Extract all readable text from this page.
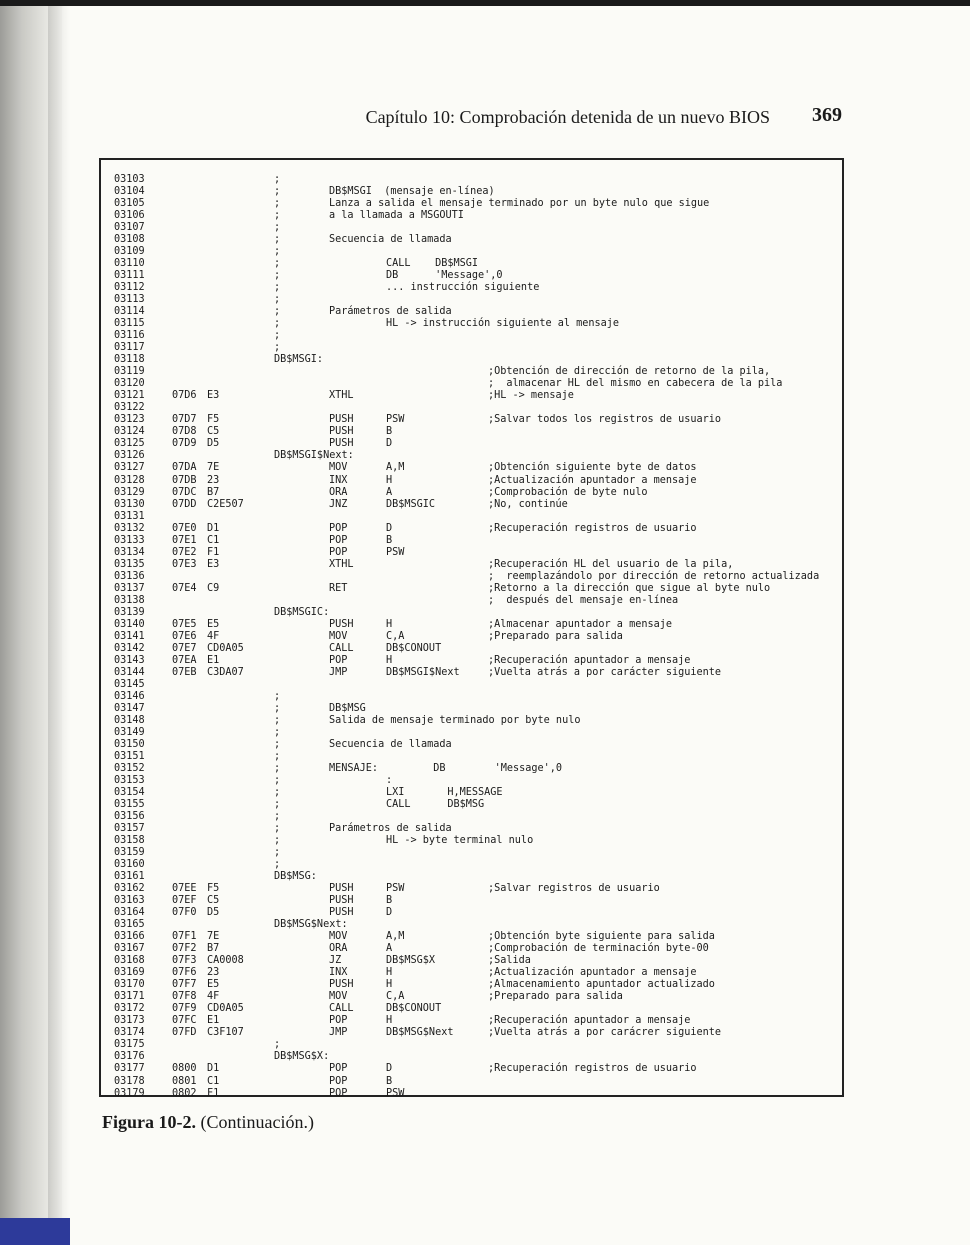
Capítulo 10: Comprobación detenida de un nuevo BIOS 369
03103	;
03104	;	DB$MSGI  (mensaje en-línea)
03105	;	Lanza a salida el mensaje terminado por un byte nulo que sigue
03106	;	a la llamada a MSGOUTI
03107	;
03108	;	Secuencia de llamada
03109	;
03110	;	CALL    DB$MSGI
03111	;	DB      'Message',0
03112	;	... instrucción siguiente
03113	;
03114	;	Parámetros de salida
03115	;	HL -> instrucción siguiente al mensaje
03116	;
03117	;
03118	DB$MSGI:
03119	;Obtención de dirección de retorno de la pila,
03120	;  almacenar HL del mismo en cabecera de la pila
03121	07D6 E3	XTHL	;HL -> mensaje
03122
03123	07D7 F5	PUSH	PSW	;Salvar todos los registros de usuario
03124	07D8 C5	PUSH	B
03125	07D9 D5	PUSH	D
03126	DB$MSGI$Next:
03127	07DA 7E	MOV	A,M	;Obtención siguiente byte de datos
03128	07DB 23	INX	H	;Actualización apuntador a mensaje
03129	07DC B7	ORA	A	;Comprobación de byte nulo
03130	07DD C2E507	JNZ	DB$MSGIC	;No, continúe
03131
03132	07E0 D1	POP	D	;Recuperación registros de usuario
03133	07E1 C1	POP	B
03134	07E2 F1	POP	PSW
03135	07E3 E3	XTHL	;Recuperación HL del usuario de la pila,
03136	;  reemplazándolo por dirección de retorno actualizada
03137	07E4 C9	RET	;Retorno a la dirección que sigue al byte nulo
03138	;  después del mensaje en-línea
03139	DB$MSGIC:
03140	07E5 E5	PUSH	H	;Almacenar apuntador a mensaje
03141	07E6 4F	MOV	C,A	;Preparado para salida
03142	07E7 CD0A05	CALL	DB$CONOUT
03143	07EA E1	POP	H	;Recuperación apuntador a mensaje
03144	07EB C3DA07	JMP	DB$MSGI$Next	;Vuelta atrás a por carácter siguiente
03145
03146	;
03147	;	DB$MSG
03148	;	Salida de mensaje terminado por byte nulo
03149	;
03150	;	Secuencia de llamada
03151	;
03152	;	MENSAJE:         DB        'Message',0
03153	;	:
03154	;	LXI       H,MESSAGE
03155	;	CALL      DB$MSG
03156	;
03157	;	Parámetros de salida
03158	;	HL -> byte terminal nulo
03159	;
03160	;
03161	DB$MSG:
03162	07EE F5	PUSH	PSW	;Salvar registros de usuario
03163	07EF C5	PUSH	B
03164	07F0 D5	PUSH	D
03165	DB$MSG$Next:
03166	07F1 7E	MOV	A,M	;Obtención byte siguiente para salida
03167	07F2 B7	ORA	A	;Comprobación de terminación byte-00
03168	07F3 CA0008	JZ	DB$MSG$X	;Salida
03169	07F6 23	INX	H	;Actualización apuntador a mensaje
03170	07F7 E5	PUSH	H	;Almacenamiento apuntador actualizado
03171	07F8 4F	MOV	C,A	;Preparado para salida
03172	07F9 CD0A05	CALL	DB$CONOUT
03173	07FC E1	POP	H	;Recuperación apuntador a mensaje
03174	07FD C3F107	JMP	DB$MSG$Next	;Vuelta atrás a por carácrer siguiente
03175	;
03176	DB$MSG$X:
03177	0800 D1	POP	D	;Recuperación registros de usuario
03178	0801 C1	POP	B
03179	0802 F1	POP	PSW
Figura 10-2. (Continuación.)
